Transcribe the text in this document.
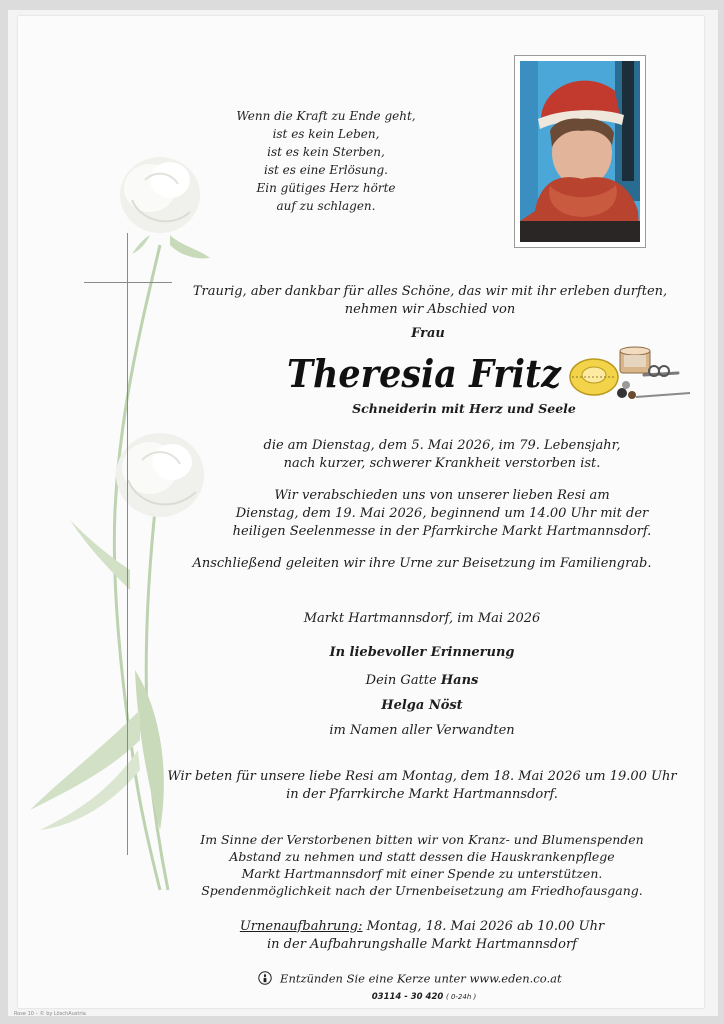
Wenn die Kraft zu Ende geht,
ist es kein Leben,
ist es kein Sterben,
ist es eine Erlösung.
Ein gütiges Herz hörte
auf zu schlagen.
Traurig, aber dankbar für alles Schöne, das wir mit ihr erleben durften,
nehmen wir Abschied von
Frau
Theresia Fritz
Schneiderin mit Herz und Seele
die am Dienstag, dem 5. Mai 2026, im 79. Lebensjahr,
nach kurzer, schwerer Krankheit verstorben ist.
Wir verabschieden uns von unserer lieben Resi am
Dienstag, dem 19. Mai 2026, beginnend um 14.00 Uhr mit der
heiligen Seelenmesse in der Pfarrkirche Markt Hartmannsdorf.
Anschließend geleiten wir ihre Urne zur Beisetzung im Familiengrab.
Markt Hartmannsdorf, im Mai 2026
In liebevoller Erinnerung
Dein Gatte Hans
Helga Nöst
im Namen aller Verwandten
Wir beten für unsere liebe Resi am Montag, dem 18. Mai 2026 um 19.00 Uhr
in der Pfarrkirche Markt Hartmannsdorf.
Im Sinne der Verstorbenen bitten wir von Kranz- und Blumenspenden
Abstand zu nehmen und statt dessen die Hauskrankenpflege
Markt Hartmannsdorf mit einer Spende zu unterstützen.
Spendenmöglichkeit nach der Urnenbeisetzung am Friedhofausgang.
Urnenaufbahrung: Montag, 18. Mai 2026 ab 10.00 Uhr
in der Aufbahrungshalle Markt Hartmannsdorf
Entzünden Sie eine Kerze unter www.eden.co.at
03114 - 30 420 ( 0-24h )
Rose 10 – © by LöschAustria
